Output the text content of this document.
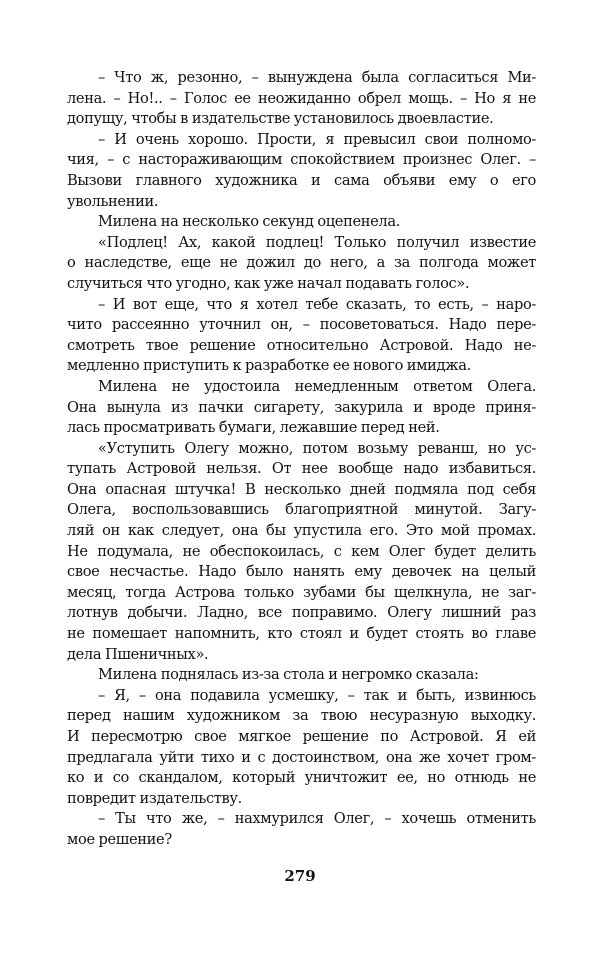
– Что ж, резонно, – вынуждена была согласиться Ми-
лена. – Но!.. – Голос ее неожиданно обрел мощь. – Но я не
допущу, чтобы в издательстве установилось двоевластие.
– И очень хорошо. Прости, я превысил свои полномо-
чия, – с настораживающим спокойствием произнес Олег. –
Вызови главного художника и сама объяви ему о его
увольнении.
Милена на несколько секунд оцепенела.
«Подлец! Ах, какой подлец! Только получил известие
о наследстве, еще не дожил до него, а за полгода может
случиться что угодно, как уже начал подавать голос».
– И вот еще, что я хотел тебе сказать, то есть, – наро-
чито рассеянно уточнил он, – посоветоваться. Надо пере-
смотреть твое решение относительно Астровой. Надо не-
медленно приступить к разработке ее нового имиджа.
Милена не удостоила немедленным ответом Олега.
Она вынула из пачки сигарету, закурила и вроде приня-
лась просматривать бумаги, лежавшие перед ней.
«Уступить Олегу можно, потом возьму реванш, но ус-
тупать Астровой нельзя. От нее вообще надо избавиться.
Она опасная штучка! В несколько дней подмяла под себя
Олега, воспользовавшись благоприятной минутой. Загу-
ляй он как следует, она бы упустила его. Это мой промах.
Не подумала, не обеспокоилась, с кем Олег будет делить
свое несчастье. Надо было нанять ему девочек на целый
месяц, тогда Астрова только зубами бы щелкнула, не заг-
лотнув добычи. Ладно, все поправимо. Олегу лишний раз
не помешает напомнить, кто стоял и будет стоять во главе
дела Пшеничных».
Милена поднялась из-за стола и негромко сказала:
– Я, – она подавила усмешку, – так и быть, извинюсь
перед нашим художником за твою несуразную выходку.
И пересмотрю свое мягкое решение по Астровой. Я ей
предлагала уйти тихо и с достоинством, она же хочет гром-
ко и со скандалом, который уничтожит ее, но отнюдь не
повредит издательству.
– Ты что же, – нахмурился Олег, – хочешь отменить
мое решение?
279
